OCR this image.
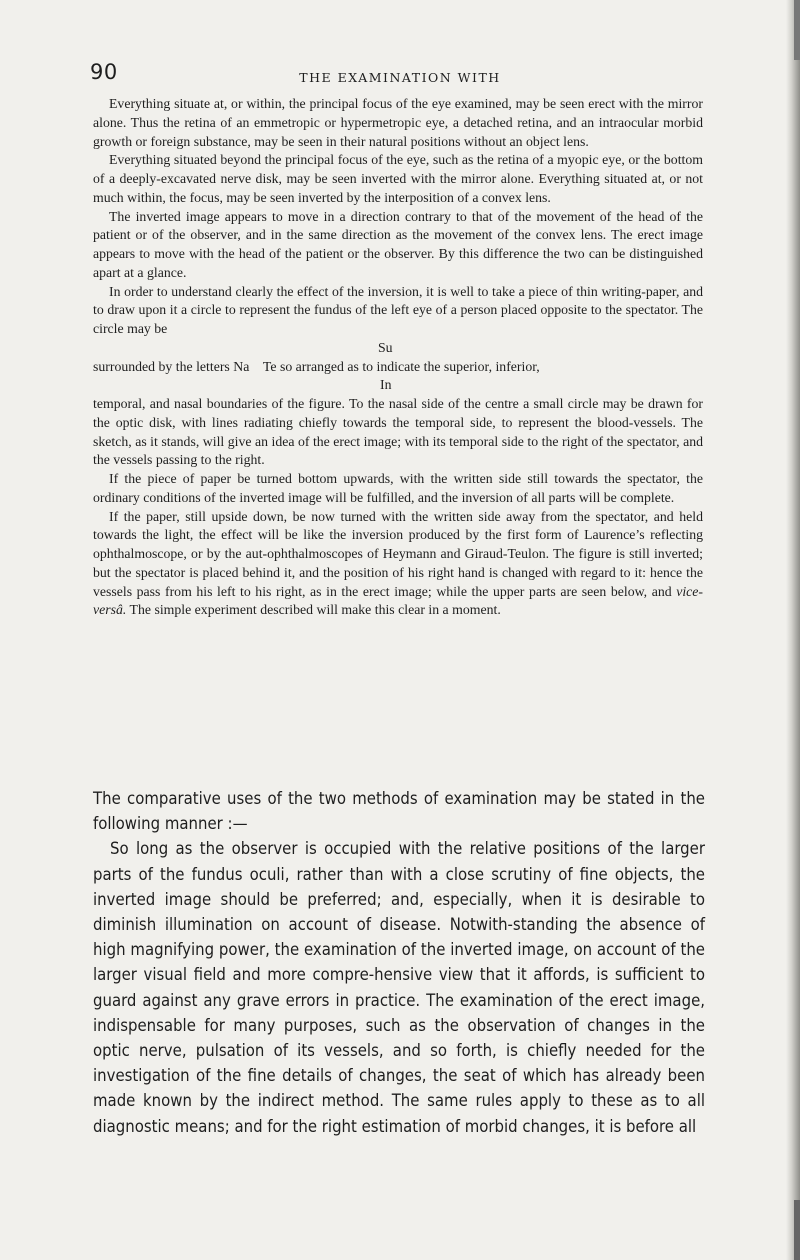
90	THE EXAMINATION WITH

Everything situate at, or within, the principal focus of the eye examined, may be seen erect with the mirror alone. Thus the retina of an emmetropic or hypermetropic eye, a detached retina, and an intraocular morbid growth or foreign substance, may be seen in their natural positions without an object lens.

Everything situated beyond the principal focus of the eye, such as the retina of a myopic eye, or the bottom of a deeply-excavated nerve disk, may be seen inverted with the mirror alone. Everything situated at, or not much within, the focus, may be seen inverted by the interposition of a convex lens.

The inverted image appears to move in a direction contrary to that of the movement of the head of the patient or of the observer, and in the same direction as the movement of the convex lens. The erect image appears to move with the head of the patient or the observer. By this difference the two can be distinguished apart at a glance.

In order to understand clearly the effect of the inversion, it is well to take a piece of thin writing-paper, and to draw upon it a circle to represent the fundus of the left eye of a person placed opposite to the spectator. The circle may be

Su

surrounded by the letters Na Te so arranged as to indicate the superior, inferior,

In

temporal, and nasal boundaries of the figure. To the nasal side of the centre a small circle may be drawn for the optic disk, with lines radiating chiefly towards the temporal side, to represent the blood-vessels. The sketch, as it stands, will give an idea of the erect image; with its temporal side to the right of the spectator, and the vessels passing to the right.

If the piece of paper be turned bottom upwards, with the written side still towards the spectator, the ordinary conditions of the inverted image will be fulfilled, and the inversion of all parts will be complete.

If the paper, still upside down, be now turned with the written side away from the spectator, and held towards the light, the effect will be like the inversion produced by the first form of Laurence’s reflecting ophthalmoscope, or by the aut-ophthalmoscopes of Heymann and Giraud-Teulon. The figure is still inverted; but the spectator is placed behind it, and the position of his right hand is changed with regard to it: hence the vessels pass from his left to his right, as in the erect image; while the upper parts are seen below, and vice-versâ. The simple experiment described will make this clear in a moment.

The comparative uses of the two methods of examination may be stated in the following manner :—

So long as the observer is occupied with the relative positions of the larger parts of the fundus oculi, rather than with a close scrutiny of fine objects, the inverted image should be preferred; and, especially, when it is desirable to diminish illumination on account of disease. Notwith-standing the absence of high magnifying power, the examination of the inverted image, on account of the larger visual field and more compre-hensive view that it affords, is sufficient to guard against any grave errors in practice. The examination of the erect image, indispensable for many purposes, such as the observation of changes in the optic nerve, pulsation of its vessels, and so forth, is chiefly needed for the investigation of the fine details of changes, the seat of which has already been made known by the indirect method. The same rules apply to these as to all diagnostic means; and for the right estimation of morbid changes, it is before all
